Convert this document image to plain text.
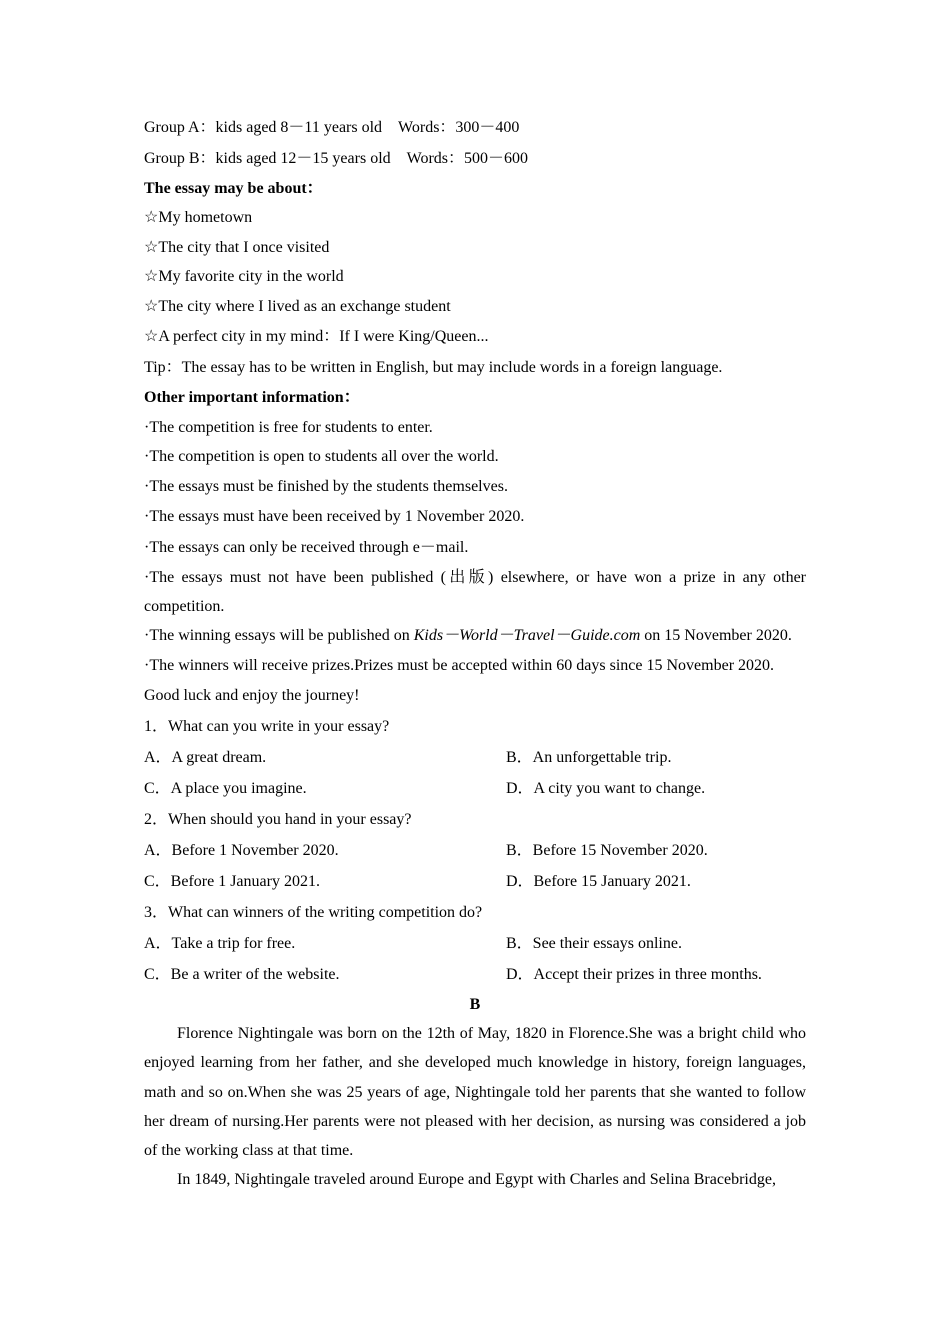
Group A：kids aged 8－11 years old　Words：300－400
Group B：kids aged 12－15 years old　Words：500－600
The essay may be about：
☆My hometown
☆The city that I once visited
☆My favorite city in the world
☆The city where I lived as an exchange student
☆A perfect city in my mind：If I were King/Queen...
Tip：The essay has to be written in English, but may include words in a foreign language.
Other important information：
·The competition is free for students to enter.
·The competition is open to students all over the world.
·The essays must be finished by the students themselves.
·The essays must have been received by 1 November 2020.
·The essays can only be received through e－mail.
·The essays must not have been published (出版) elsewhere, or have won a prize in any other competition.
·The winning essays will be published on Kids－World－Travel－Guide.com on 15 November 2020.
·The winners will receive prizes.Prizes must be accepted within 60 days since 15 November 2020.
Good luck and enjoy the journey!
1．What can you write in your essay?
A．A great dream.	B．An unforgettable trip.
C．A place you imagine.	D．A city you want to change.
2．When should you hand in your essay?
A．Before 1 November 2020.	B．Before 15 November 2020.
C．Before 1 January 2021.	D．Before 15 January 2021.
3．What can winners of the writing competition do?
A．Take a trip for free.	B．See their essays online.
C．Be a writer of the website.	D．Accept their prizes in three months.
B
Florence Nightingale was born on the 12th of May, 1820 in Florence.She was a bright child who enjoyed learning from her father, and she developed much knowledge in history, foreign languages, math and so on.When she was 25 years of age, Nightingale told her parents that she wanted to follow her dream of nursing.Her parents were not pleased with her decision, as nursing was considered a job of the working class at that time.
In 1849, Nightingale traveled around Europe and Egypt with Charles and Selina Bracebridge,
